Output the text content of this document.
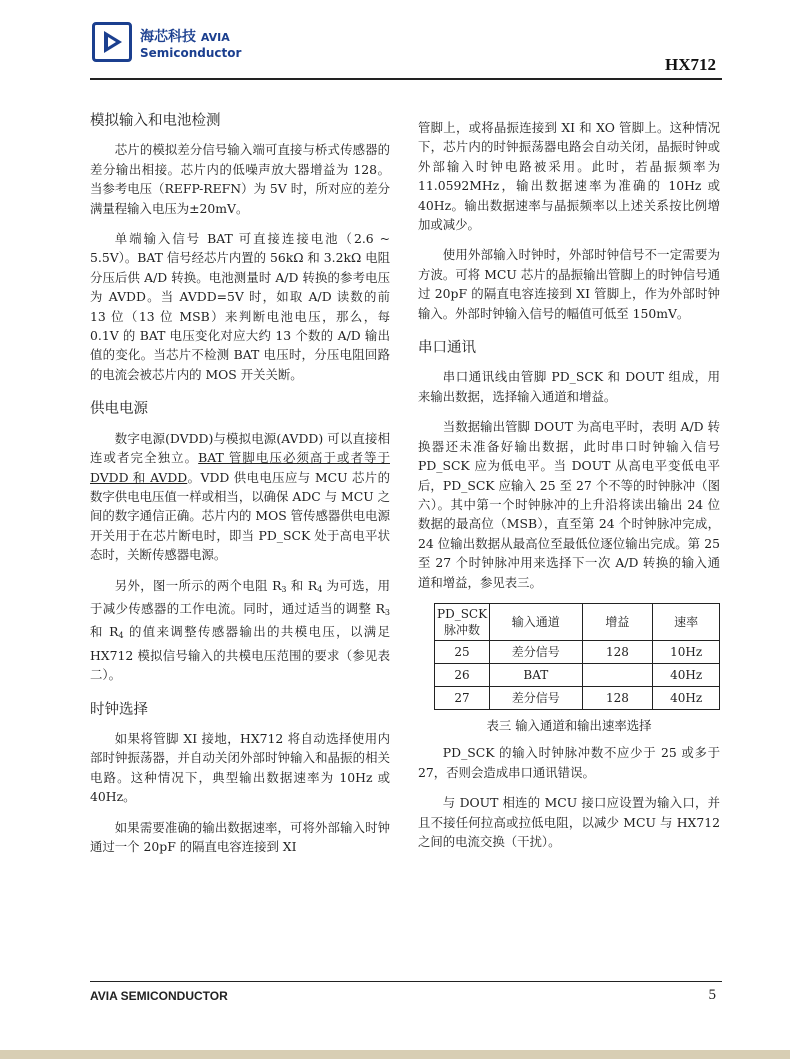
海芯科技 AVIA
Semiconductor
HX712
模拟输入和电池检测
芯片的模拟差分信号输入端可直接与桥式传感器的差分输出相接。芯片内的低噪声放大器增益为 128。当参考电压（REFP-REFN）为 5V 时，所对应的差分满量程输入电压为±20mV。
单端输入信号 BAT 可直接连接电池（2.6 ~ 5.5V）。BAT 信号经芯片内置的 56kΩ 和 3.2kΩ 电阻分压后供 A/D 转换。电池测量时 A/D 转换的参考电压为 AVDD。当 AVDD=5V 时，如取 A/D 读数的前 13 位（13 位 MSB）来判断电池电压，那么，每 0.1V 的 BAT 电压变化对应大约 13 个数的 A/D 输出值的变化。当芯片不检测 BAT 电压时，分压电阻回路的电流会被芯片内的 MOS 开关关断。
供电电源
数字电源(DVDD)与模拟电源(AVDD) 可以直接相连或者完全独立。BAT 管脚电压必须高于或者等于 DVDD 和 AVDD。VDD 供电电压应与 MCU 芯片的数字供电电压值一样或相当，以确保 ADC 与 MCU 之间的数字通信正确。芯片内的 MOS 管传感器供电电源开关用于在芯片断电时，即当 PD_SCK 处于高电平状态时，关断传感器电源。
另外，图一所示的两个电阻 $R_3$ 和 $R_4$ 为可选，用于减少传感器的工作电流。同时，通过适当的调整 $R_3$ 和 $R_4$ 的值来调整传感器输出的共模电压，以满足 HX712 模拟信号输入的共模电压范围的要求（参见表二）。
时钟选择
如果将管脚 XI 接地，HX712 将自动选择使用内部时钟振荡器，并自动关闭外部时钟输入和晶振的相关电路。这种情况下，典型输出数据速率为 10Hz 或 40Hz。
如果需要准确的输出数据速率，可将外部输入时钟通过一个 20pF 的隔直电容连接到 XI
管脚上，或将晶振连接到 XI 和 XO 管脚上。这种情况下，芯片内的时钟振荡器电路会自动关闭，晶振时钟或外部输入时钟电路被采用。此时，若晶振频率为 11.0592MHz，输出数据速率为准确的 10Hz 或 40Hz。输出数据速率与晶振频率以上述关系按比例增加或减少。
使用外部输入时钟时，外部时钟信号不一定需要为方波。可将 MCU 芯片的晶振输出管脚上的时钟信号通过 20pF 的隔直电容连接到 XI 管脚上，作为外部时钟输入。外部时钟输入信号的幅值可低至 150mV。
串口通讯
串口通讯线由管脚 PD_SCK 和 DOUT 组成，用来输出数据，选择输入通道和增益。
当数据输出管脚 DOUT 为高电平时，表明 A/D 转换器还未准备好输出数据，此时串口时钟输入信号 PD_SCK 应为低电平。当 DOUT 从高电平变低电平后，PD_SCK 应输入 25 至 27 个不等的时钟脉冲（图六）。其中第一个时钟脉冲的上升沿将读出输出 24 位数据的最高位（MSB），直至第 24 个时钟脉冲完成，24 位输出数据从最高位至最低位逐位输出完成。第 25 至 27 个时钟脉冲用来选择下一次 A/D 转换的输入通道和增益，参见表三。
PD_SCK 脉冲数	输入通道	增益	速率
25	差分信号	128	10Hz
26	BAT		40Hz
27	差分信号	128	40Hz
表三 输入通道和输出速率选择
PD_SCK 的输入时钟脉冲数不应少于 25 或多于 27，否则会造成串口通讯错误。
与 DOUT 相连的 MCU 接口应设置为输入口，并且不接任何拉高或拉低电阻，以减少 MCU 与 HX712 之间的电流交换（干扰）。
AVIA SEMICONDUCTOR	5
